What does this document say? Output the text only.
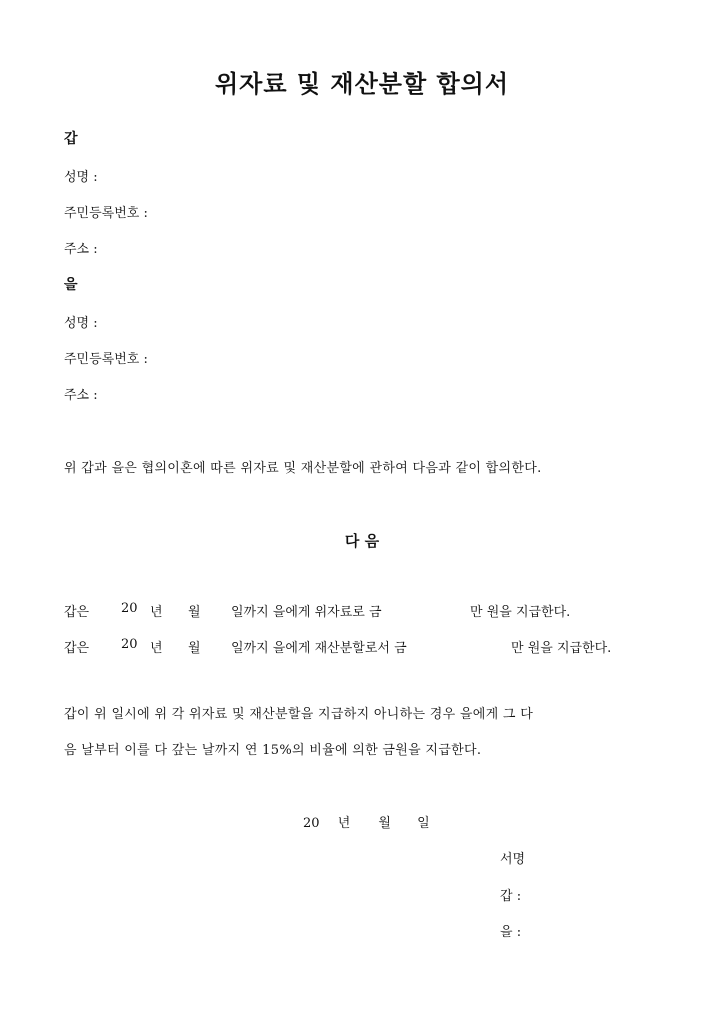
위자료 및 재산분할 합의서
갑
성명 :
주민등록번호 :
주소 :
을
성명 :
주민등록번호 :
주소 :
위 갑과 을은 협의이혼에 따른 위자료 및 재산분할에 관하여 다음과 같이 합의한다.
다 음
갑은 20 년 월 일까지 을에게 위자료로 금	만 원을 지급한다.
갑은 20 년 월 일까지 을에게 재산분할로서 금	만 원을 지급한다.
갑이 위 일시에 위 각 위자료 및 재산분할을 지급하지 아니하는 경우 을에게 그 다
음 날부터 이를 다 갚는 날까지 연 15%의 비율에 의한 금원을 지급한다.
20 년 월 일
서명
갑 :
을 :
